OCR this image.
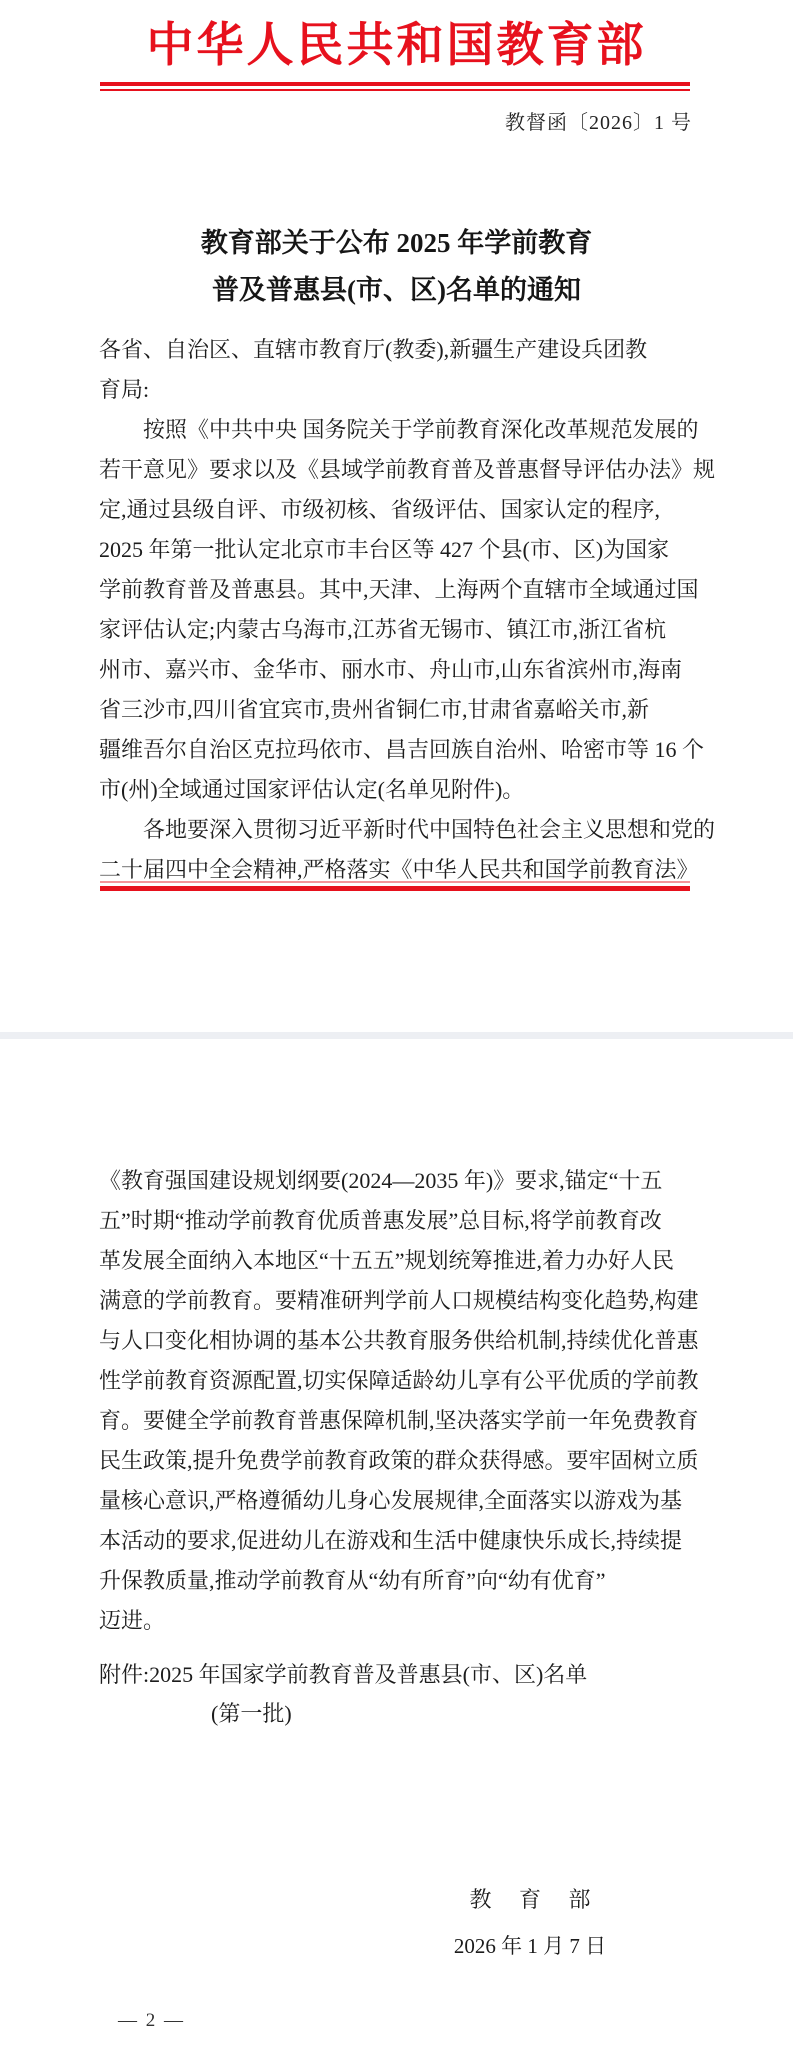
中华人民共和国教育部
教督函〔2026〕1 号
教育部关于公布 2025 年学前教育
普及普惠县(市、区)名单的通知
各省、自治区、直辖市教育厅(教委),新疆生产建设兵团教
育局:
　　按照《中共中央 国务院关于学前教育深化改革规范发展的
若干意见》要求以及《县域学前教育普及普惠督导评估办法》规
定,通过县级自评、市级初核、省级评估、国家认定的程序,
2025 年第一批认定北京市丰台区等 427 个县(市、区)为国家
学前教育普及普惠县。其中,天津、上海两个直辖市全域通过国
家评估认定;内蒙古乌海市,江苏省无锡市、镇江市,浙江省杭
州市、嘉兴市、金华市、丽水市、舟山市,山东省滨州市,海南
省三沙市,四川省宜宾市,贵州省铜仁市,甘肃省嘉峪关市,新
疆维吾尔自治区克拉玛依市、昌吉回族自治州、哈密市等 16 个
市(州)全域通过国家评估认定(名单见附件)。
　　各地要深入贯彻习近平新时代中国特色社会主义思想和党的
二十届四中全会精神,严格落实《中华人民共和国学前教育法》
《教育强国建设规划纲要(2024—2035 年)》要求,锚定“十五
五”时期“推动学前教育优质普惠发展”总目标,将学前教育改
革发展全面纳入本地区“十五五”规划统筹推进,着力办好人民
满意的学前教育。要精准研判学前人口规模结构变化趋势,构建
与人口变化相协调的基本公共教育服务供给机制,持续优化普惠
性学前教育资源配置,切实保障适龄幼儿享有公平优质的学前教
育。要健全学前教育普惠保障机制,坚决落实学前一年免费教育
民生政策,提升免费学前教育政策的群众获得感。要牢固树立质
量核心意识,严格遵循幼儿身心发展规律,全面落实以游戏为基
本活动的要求,促进幼儿在游戏和生活中健康快乐成长,持续提
升保教质量,推动学前教育从“幼有所育”向“幼有优育”
迈进。
附件:2025 年国家学前教育普及普惠县(市、区)名单
(第一批)
教　 育　 部
2026 年 1 月 7 日
— 2 —
